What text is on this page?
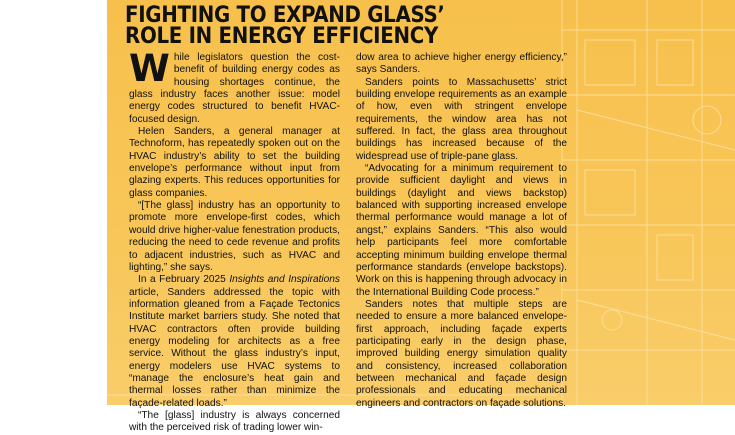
FIGHTING TO EXPAND GLASS’
ROLE IN ENERGY EFFICIENCY

While legislators question the cost-benefit of building energy codes as housing shortages continue, the glass industry faces another issue: model energy codes structured to benefit HVAC-focused design.

Helen Sanders, a general manager at Technoform, has repeatedly spoken out on the HVAC industry’s ability to set the building envelope’s performance without input from glazing experts. This reduces opportunities for glass companies.

“[The glass] industry has an opportunity to promote more envelope-first codes, which would drive higher-value fenestration products, reducing the need to cede revenue and profits to adjacent industries, such as HVAC and lighting,” she says.

In a February 2025 Insights and Inspirations article, Sanders addressed the topic with information gleaned from a Façade Tectonics Institute market barriers study. She noted that HVAC contractors often provide building energy modeling for architects as a free service. Without the glass industry’s input, energy modelers use HVAC systems to “manage the enclosure’s heat gain and thermal losses rather than minimize the façade-related loads.”

“The [glass] industry is always concerned with the perceived risk of trading lower win-

dow area to achieve higher energy efficiency,” says Sanders.

Sanders points to Massachusetts’ strict building envelope requirements as an example of how, even with stringent envelope requirements, the window area has not suffered. In fact, the glass area throughout buildings has increased because of the widespread use of triple-pane glass.

“Advocating for a minimum requirement to provide sufficient daylight and views in buildings (daylight and views backstop) balanced with supporting increased envelope thermal performance would manage a lot of angst,” explains Sanders. “This also would help participants feel more comfortable accepting minimum building envelope thermal performance standards (envelope backstops). Work on this is happening through advocacy in the International Building Code process.”

Sanders notes that multiple steps are needed to ensure a more balanced envelope-first approach, including façade experts participating early in the design phase, improved building energy simulation quality and consistency, increased collaboration between mechanical and façade design professionals and educating mechanical engineers and contractors on façade solutions.
